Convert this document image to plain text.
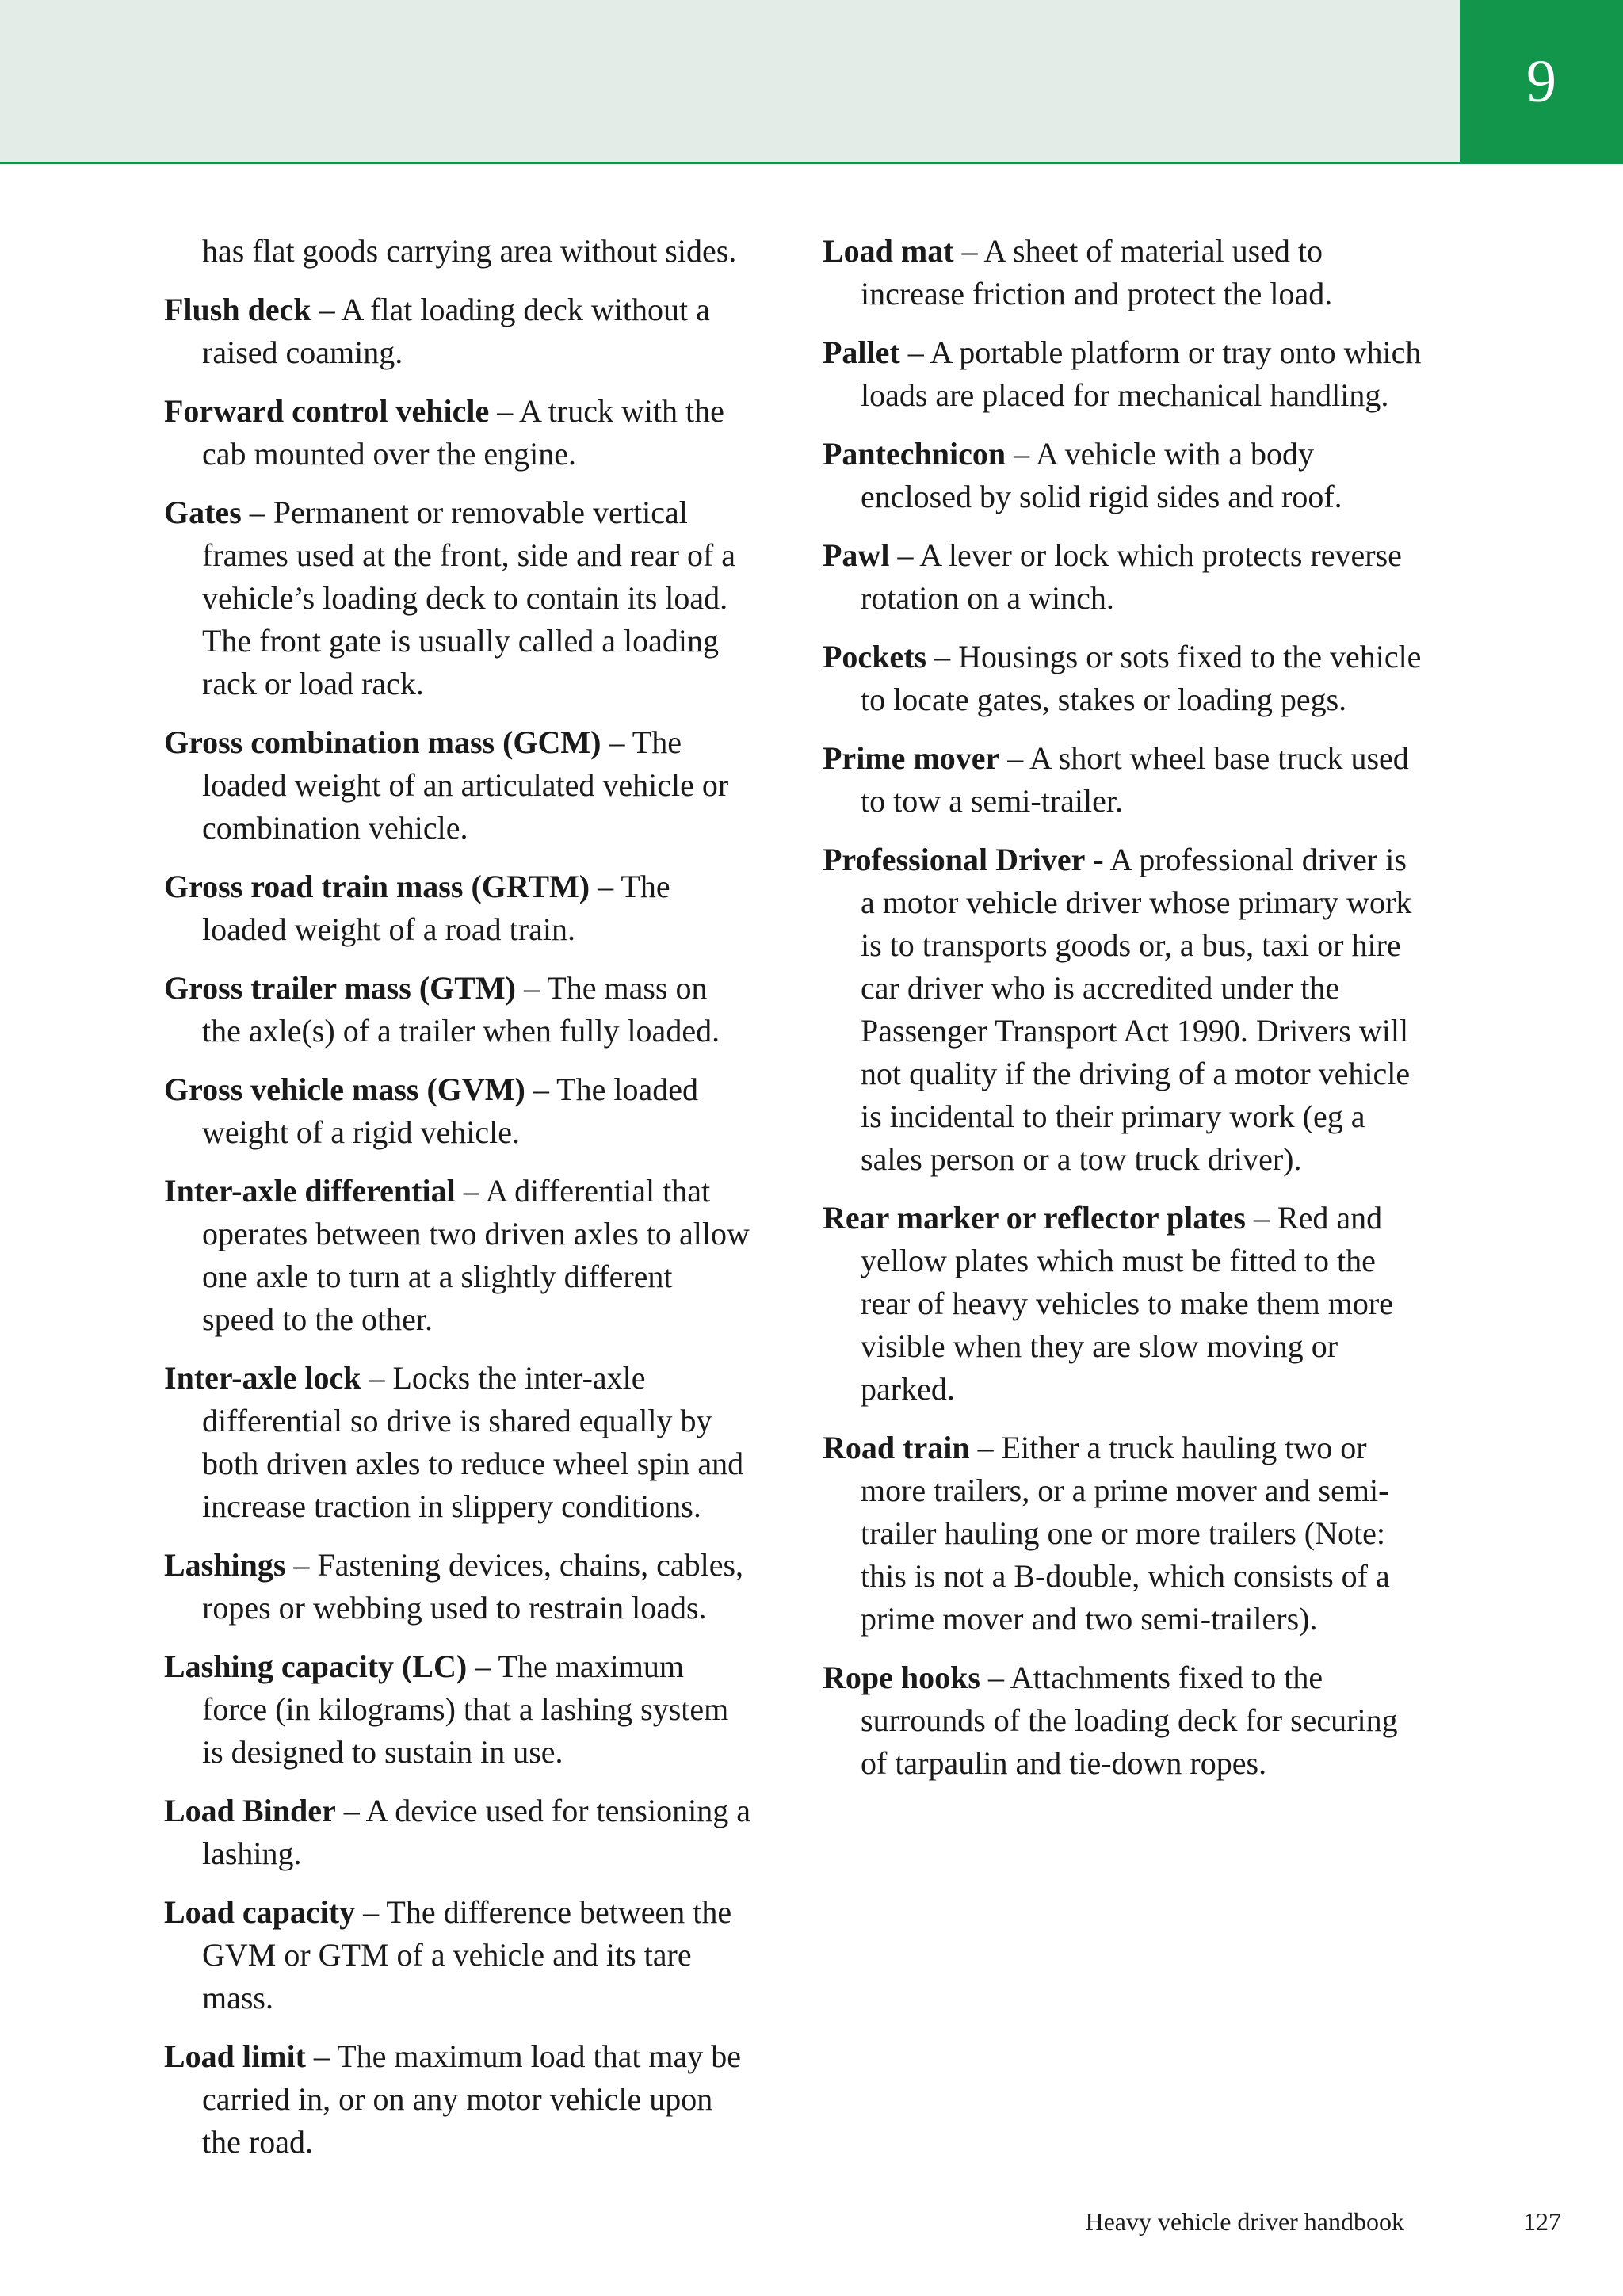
9

has flat goods carrying area without sides.

Flush deck – A flat loading deck without a raised coaming.

Forward control vehicle – A truck with the cab mounted over the engine.

Gates – Permanent or removable vertical frames used at the front, side and rear of a vehicle’s loading deck to contain its load. The front gate is usually called a loading rack or load rack.

Gross combination mass (GCM) – The loaded weight of an articulated vehicle or combination vehicle.

Gross road train mass (GRTM) – The loaded weight of a road train.

Gross trailer mass (GTM) – The mass on the axle(s) of a trailer when fully loaded.

Gross vehicle mass (GVM) – The loaded weight of a rigid vehicle.

Inter-axle differential – A differential that operates between two driven axles to allow one axle to turn at a slightly different speed to the other.

Inter-axle lock – Locks the inter-axle differential so drive is shared equally by both driven axles to reduce wheel spin and increase traction in slippery conditions.

Lashings – Fastening devices, chains, cables, ropes or webbing used to restrain loads.

Lashing capacity (LC) – The maximum force (in kilograms) that a lashing system is designed to sustain in use.

Load Binder – A device used for tensioning a lashing.

Load capacity – The difference between the GVM or GTM of a vehicle and its tare mass.

Load limit – The maximum load that may be carried in, or on any motor vehicle upon the road.

Load mat – A sheet of material used to increase friction and protect the load.

Pallet – A portable platform or tray onto which loads are placed for mechanical handling.

Pantechnicon – A vehicle with a body enclosed by solid rigid sides and roof.

Pawl – A lever or lock which protects reverse rotation on a winch.

Pockets – Housings or sots fixed to the vehicle to locate gates, stakes or loading pegs.

Prime mover – A short wheel base truck used to tow a semi-trailer.

Professional Driver - A professional driver is a motor vehicle driver whose primary work is to transports goods or, a bus, taxi or hire car driver who is accredited under the Passenger Transport Act 1990. Drivers will not quality if the driving of a motor vehicle is incidental to their primary work (eg a sales person or a tow truck driver).

Rear marker or reflector plates – Red and yellow plates which must be fitted to the rear of heavy vehicles to make them more visible when they are slow moving or parked.

Road train – Either a truck hauling two or more trailers, or a prime mover and semi-trailer hauling one or more trailers (Note: this is not a B-double, which consists of a prime mover and two semi-trailers).

Rope hooks – Attachments fixed to the surrounds of the loading deck for securing of tarpaulin and tie-down ropes.

Heavy vehicle driver handbook	127
